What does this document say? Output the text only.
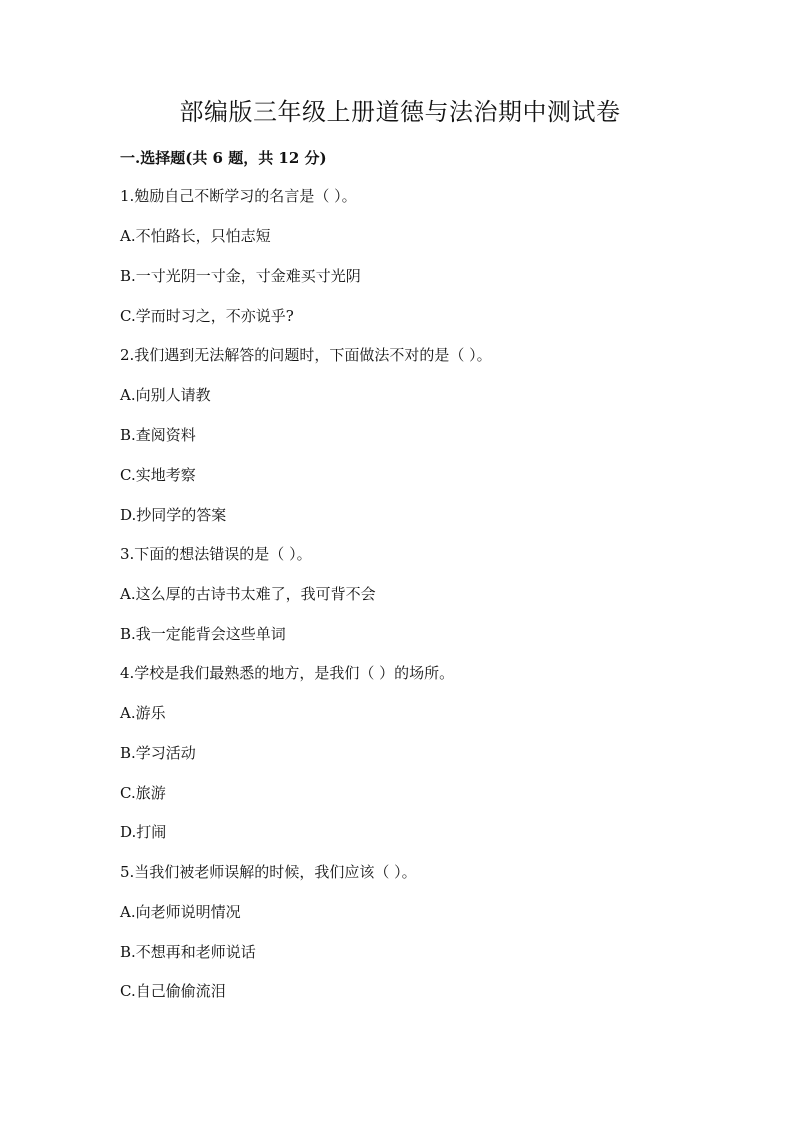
部编版三年级上册道德与法治期中测试卷
一.选择题(共 6 题，共 12 分)
1.勉励自己不断学习的名言是（ ）。
A.不怕路长，只怕志短
B.一寸光阴一寸金，寸金难买寸光阴
C.学而时习之，不亦说乎?
2.我们遇到无法解答的问题时，下面做法不对的是（ ）。
A.向别人请教
B.查阅资料
C.实地考察
D.抄同学的答案
3.下面的想法错误的是（ ）。
A.这么厚的古诗书太难了，我可背不会
B.我一定能背会这些单词
4.学校是我们最熟悉的地方，是我们（ ）的场所。
A.游乐
B.学习活动
C.旅游
D.打闹
5.当我们被老师误解的时候，我们应该（ ）。
A.向老师说明情况
B.不想再和老师说话
C.自己偷偷流泪
